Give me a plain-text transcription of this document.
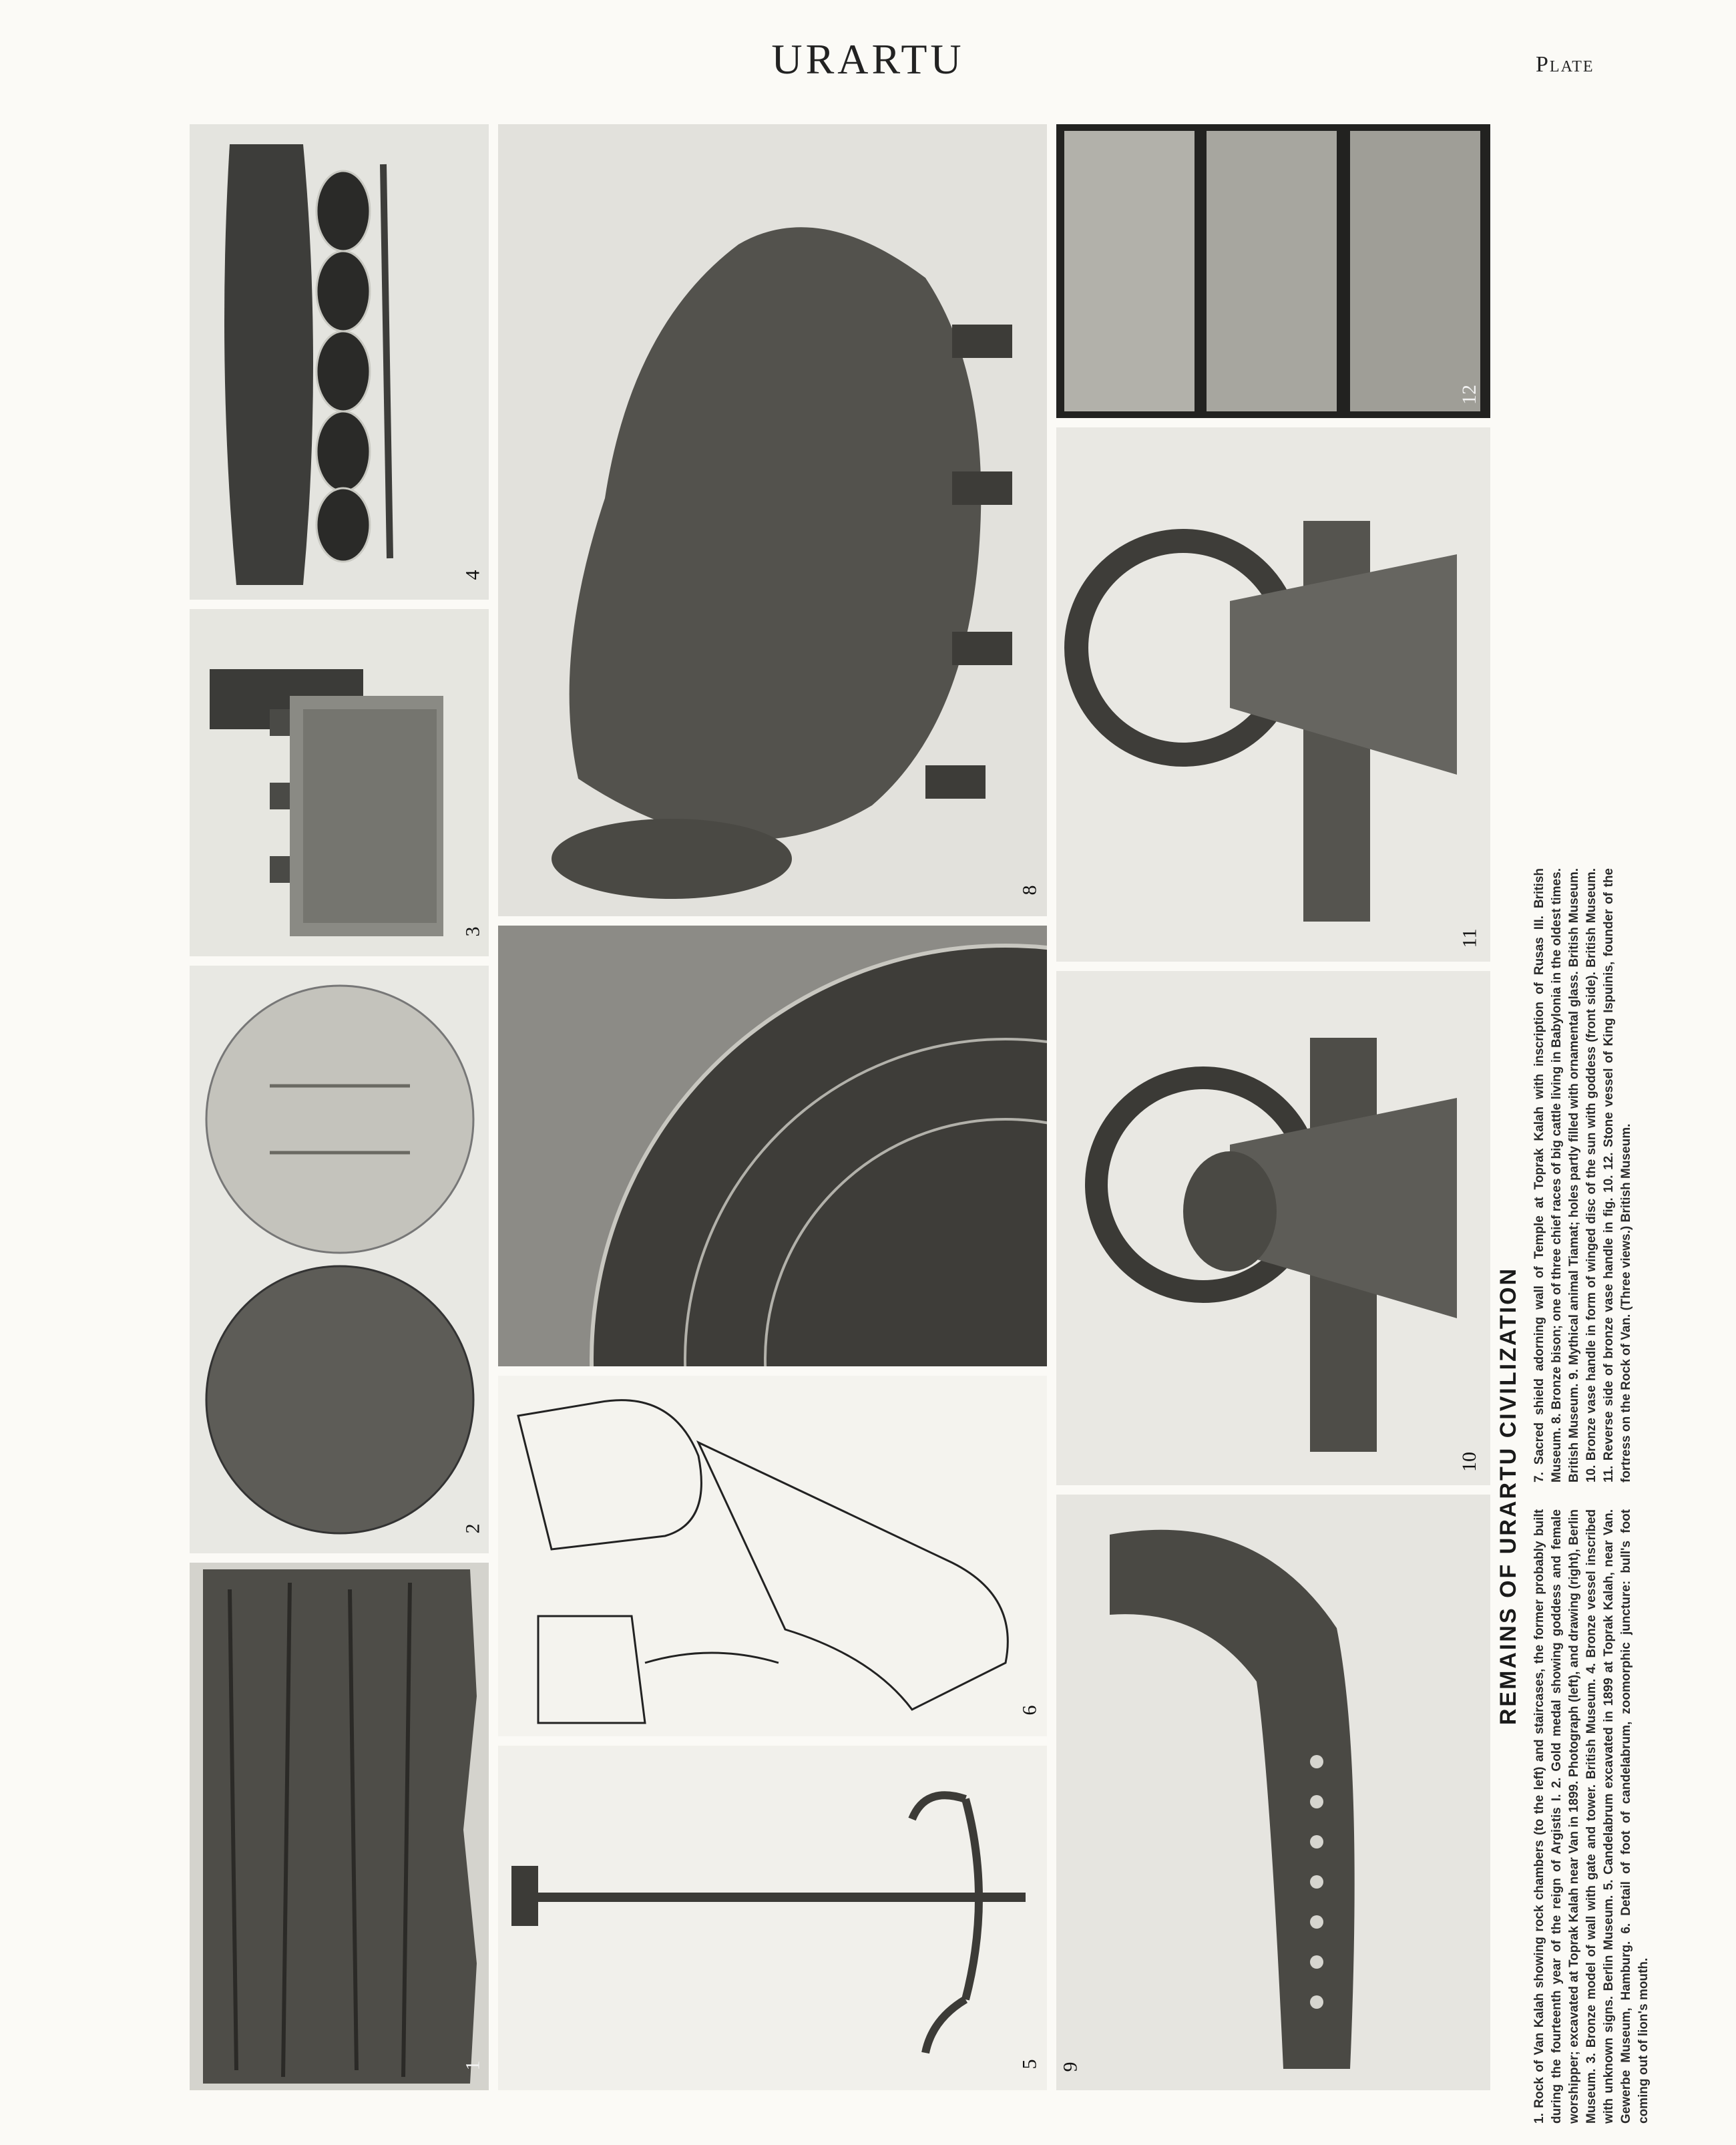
URARTU	Plate
4
3
2
1
8
6
5
12
11
10
9
REMAINS OF URARTU CIVILIZATION
1. Rock of Van Kalah showing rock chambers (to the left) and staircases, the former probably built during the fourteenth year of the reign of Argistis I. 2. Gold medal showing goddess and female worshipper; excavated at Toprak Kalah near Van in 1899. Photograph (left), and drawing (right), Berlin Museum. 3. Bronze model of wall with gate and tower. British Museum. 4. Bronze vessel inscribed with unknown signs. Berlin Museum. 5. Candelabrum excavated in 1899 at Toprak Kalah, near Van. Gewerbe Museum, Hamburg. 6. Detail of foot of candelabrum, zoomorphic juncture: bull's foot coming out of lion's mouth.
7. Sacred shield adorning wall of Temple at Toprak Kalah with inscription of Rusas III. British Museum. 8. Bronze bison; one of three chief races of big cattle living in Babylonia in the oldest times. British Museum. 9. Mythical animal Tiamat; holes partly filled with ornamental glass. British Museum. 10. Bronze vase handle in form of winged disc of the sun with goddess (front side). British Museum. 11. Reverse side of bronze vase handle in fig. 10. 12. Stone vessel of King Ispuinis, founder of the fortress on the Rock of Van. (Three views.) British Museum.
